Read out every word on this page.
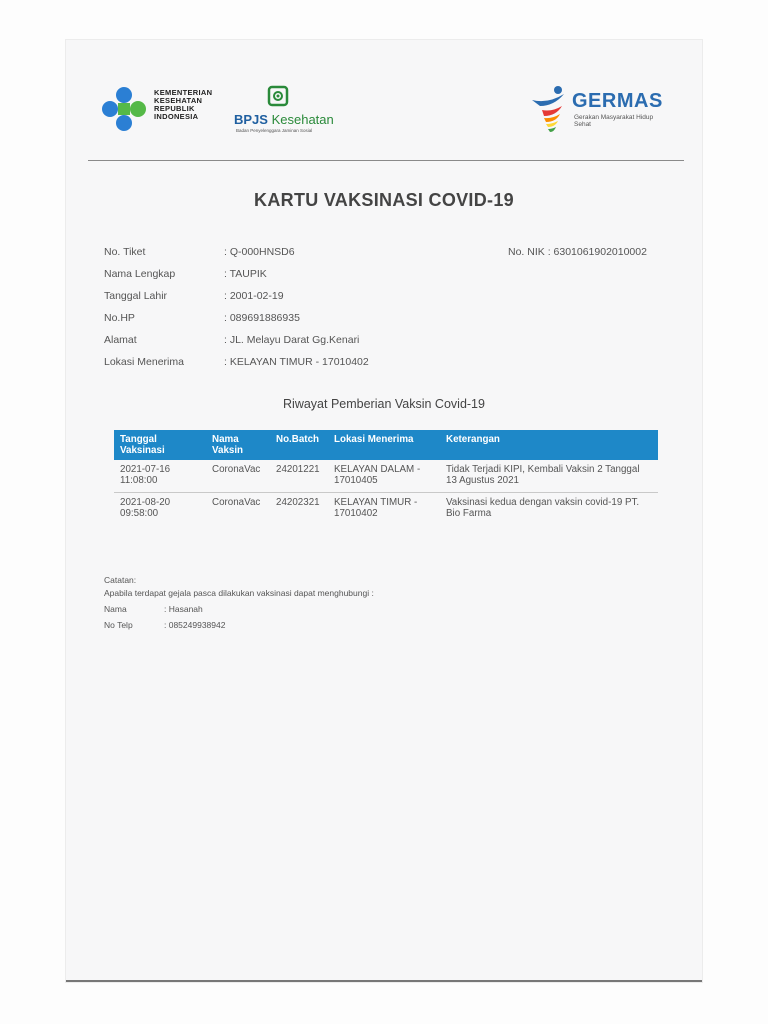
KEMENTERIAN
KESEHATAN
REPUBLIK
INDONESIA	BPJS Kesehatan
Badan Penyelenggara Jaminan Sosial
GERMAS
Gerakan Masyarakat Hidup Sehat
KARTU VAKSINASI COVID-19
No. Tiket	: Q-000HNSD6
Nama Lengkap	: TAUPIK
Tanggal Lahir	: 2001-02-19
No.HP	: 089691886935
Alamat	: JL. Melayu Darat Gg.Kenari
Lokasi Menerima	: KELAYAN TIMUR - 17010402
No. NIK : 6301061902010002
Riwayat Pemberian Vaksin Covid-19
Tanggal Vaksinasi	Nama Vaksin	No.Batch	Lokasi Menerima	Keterangan
2021-07-16 11:08:00	CoronaVac	24201221	KELAYAN DALAM - 17010405	Tidak Terjadi KIPI, Kembali Vaksin 2 Tanggal 13 Agustus 2021
2021-08-20 09:58:00	CoronaVac	24202321	KELAYAN TIMUR - 17010402	Vaksinasi kedua dengan vaksin covid-19 PT. Bio Farma
Catatan:
Apabila terdapat gejala pasca dilakukan vaksinasi dapat menghubungi :
Nama	: Hasanah
No Telp	: 085249938942
